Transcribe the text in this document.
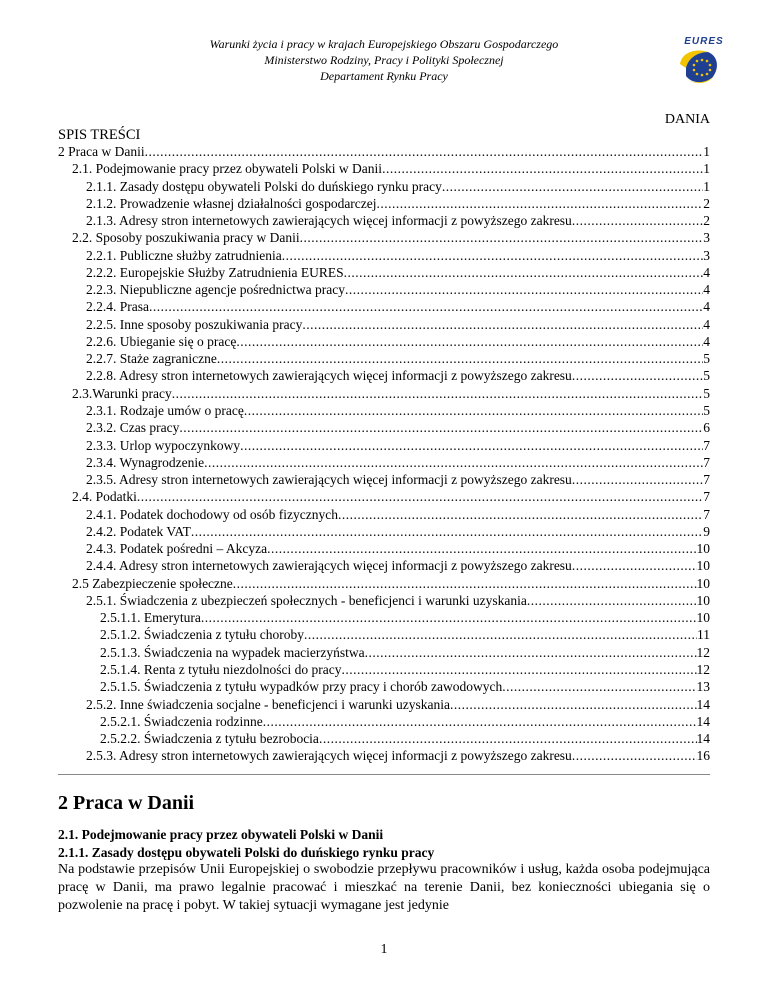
Warunki życia i pracy w krajach Europejskiego Obszaru Gospodarczego
Ministerstwo Rodziny, Pracy i Polityki Społecznej
Departament Rynku Pracy
EURES
DANIA
SPIS TREŚCI
2 Praca w Danii .....	1
2.1. Podejmowanie pracy przez obywateli Polski w Danii .....	1
2.1.1. Zasady dostępu obywateli Polski do duńskiego rynku pracy .....	1
2.1.2. Prowadzenie własnej działalności gospodarczej .....	2
2.1.3. Adresy stron internetowych zawierających więcej informacji z powyższego zakresu .....	2
2.2. Sposoby poszukiwania pracy w Danii .....	3
2.2.1. Publiczne służby zatrudnienia .....	3
2.2.2. Europejskie Służby Zatrudnienia EURES .....	4
2.2.3. Niepubliczne agencje pośrednictwa pracy .....	4
2.2.4. Prasa .....	4
2.2.5. Inne sposoby poszukiwania pracy .....	4
2.2.6. Ubieganie się o pracę .....	4
2.2.7. Staże zagraniczne .....	5
2.2.8. Adresy stron internetowych zawierających więcej informacji z powyższego zakresu .....	5
2.3.Warunki pracy .....	5
2.3.1. Rodzaje umów o pracę .....	5
2.3.2. Czas pracy .....	6
2.3.3. Urlop wypoczynkowy .....	7
2.3.4. Wynagrodzenie .....	7
2.3.5. Adresy stron internetowych zawierających więcej informacji z powyższego zakresu .....	7
2.4. Podatki .....	7
2.4.1. Podatek dochodowy od osób fizycznych .....	7
2.4.2. Podatek VAT .....	9
2.4.3. Podatek pośredni – Akcyza .....	10
2.4.4. Adresy stron internetowych zawierających więcej informacji z powyższego zakresu .....	10
2.5 Zabezpieczenie społeczne .....	10
2.5.1. Świadczenia z ubezpieczeń społecznych - beneficjenci i warunki uzyskania .....	10
2.5.1.1. Emerytura .....	10
2.5.1.2. Świadczenia z tytułu choroby .....	11
2.5.1.3. Świadczenia na wypadek macierzyństwa .....	12
2.5.1.4. Renta z tytułu niezdolności do pracy .....	12
2.5.1.5. Świadczenia z tytułu wypadków przy pracy i chorób zawodowych .....	13
2.5.2. Inne świadczenia socjalne - beneficjenci i warunki uzyskania .....	14
2.5.2.1. Świadczenia rodzinne .....	14
2.5.2.2. Świadczenia z tytułu bezrobocia .....	14
2.5.3. Adresy stron internetowych zawierających więcej informacji z powyższego zakresu .....	16
2 Praca w Danii
2.1. Podejmowanie pracy przez obywateli Polski w Danii
2.1.1. Zasady dostępu obywateli Polski do duńskiego rynku pracy

Na podstawie przepisów Unii Europejskiej o swobodzie przepływu pracowników i usług, każda osoba podejmująca pracę w Danii, ma prawo legalnie pracować i mieszkać na terenie Danii, bez konieczności ubiegania się o pozwolenie na pracę i pobyt. W takiej sytuacji wymagane jest jedynie

1
